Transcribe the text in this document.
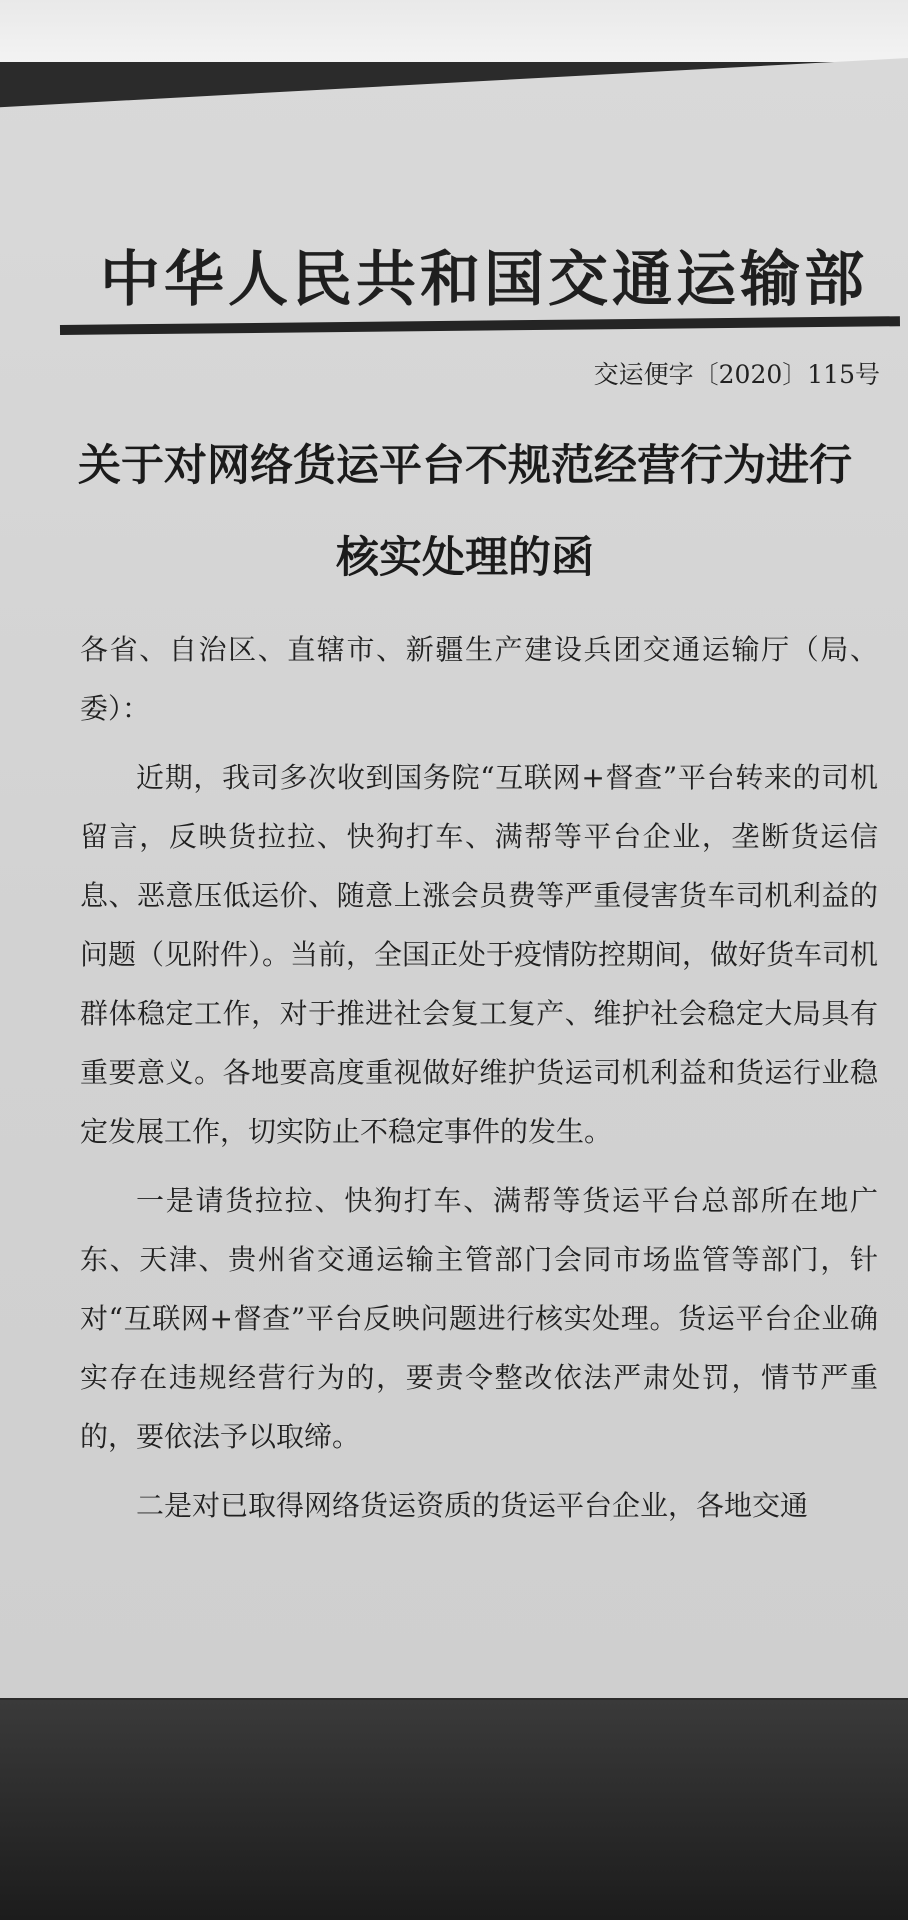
中华人民共和国交通运输部
交运便字〔2020〕115号
关于对网络货运平台不规范经营行为进行
核实处理的函

各省、自治区、直辖市、新疆生产建设兵团交通运输厅（局、委）：

近期，我司多次收到国务院“互联网+督查”平台转来的司机留言，反映货拉拉、快狗打车、满帮等平台企业，垄断货运信息、恶意压低运价、随意上涨会员费等严重侵害货车司机利益的问题（见附件）。当前，全国正处于疫情防控期间，做好货车司机群体稳定工作，对于推进社会复工复产、维护社会稳定大局具有重要意义。各地要高度重视做好维护货运司机利益和货运行业稳定发展工作，切实防止不稳定事件的发生。

一是请货拉拉、快狗打车、满帮等货运平台总部所在地广东、天津、贵州省交通运输主管部门会同市场监管等部门，针对“互联网+督查”平台反映问题进行核实处理。货运平台企业确实存在违规经营行为的，要责令整改依法严肃处罚，情节严重的，要依法予以取缔。

二是对已取得网络货运资质的货运平台企业，各地交通
